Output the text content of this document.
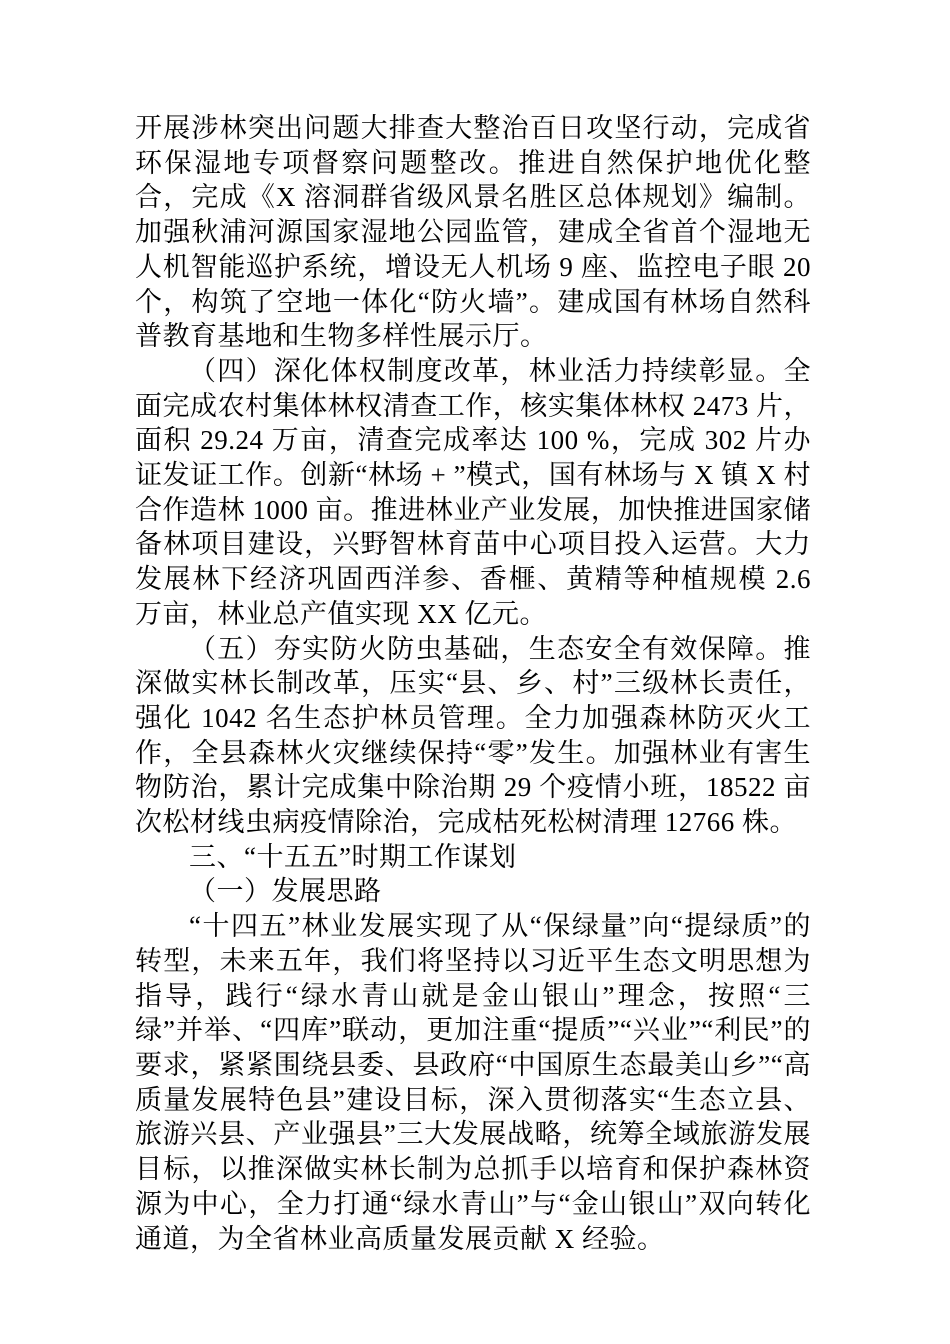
开展涉林突出问题大排查大整治百日攻坚行动，完成省环保湿地专项督察问题整改。推进自然保护地优化整合，完成《X 溶洞群省级风景名胜区总体规划》编制。加强秋浦河源国家湿地公园监管，建成全省首个湿地无人机智能巡护系统，增设无人机场 9 座、监控电子眼 20 个，构筑了空地一体化“防火墙”。建成国有林场自然科普教育基地和生物多样性展示厅。

（四）深化体权制度改革，林业活力持续彰显。全面完成农村集体林权清查工作，核实集体林权 2473 片，面积 29.24 万亩，清查完成率达 100 %，完成 302 片办证发证工作。创新“林场 + ”模式，国有林场与 X 镇 X 村合作造林 1000 亩。推进林业产业发展，加快推进国家储备林项目建设，兴野智林育苗中心项目投入运营。大力发展林下经济巩固西洋参、香榧、黄精等种植规模 2.6 万亩，林业总产值实现 XX 亿元。

（五）夯实防火防虫基础，生态安全有效保障。推深做实林长制改革，压实“县、乡、村”三级林长责任，强化 1042 名生态护林员管理。全力加强森林防灭火工作，全县森林火灾继续保持“零”发生。加强林业有害生物防治，累计完成集中除治期 29 个疫情小班，18522 亩次松材线虫病疫情除治，完成枯死松树清理 12766 株。

三、“十五五”时期工作谋划

（一）发展思路

“十四五”林业发展实现了从“保绿量”向“提绿质”的转型，未来五年，我们将坚持以习近平生态文明思想为指导，践行“绿水青山就是金山银山”理念，按照“三绿”并举、“四库”联动，更加注重“提质”“兴业”“利民”的要求，紧紧围绕县委、县政府“中国原生态最美山乡”“高质量发展特色县”建设目标，深入贯彻落实“生态立县、旅游兴县、产业强县”三大发展战略，统筹全域旅游发展目标，以推深做实林长制为总抓手以培育和保护森林资源为中心，全力打通“绿水青山”与“金山银山”双向转化通道，为全省林业高质量发展贡献 X 经验。
